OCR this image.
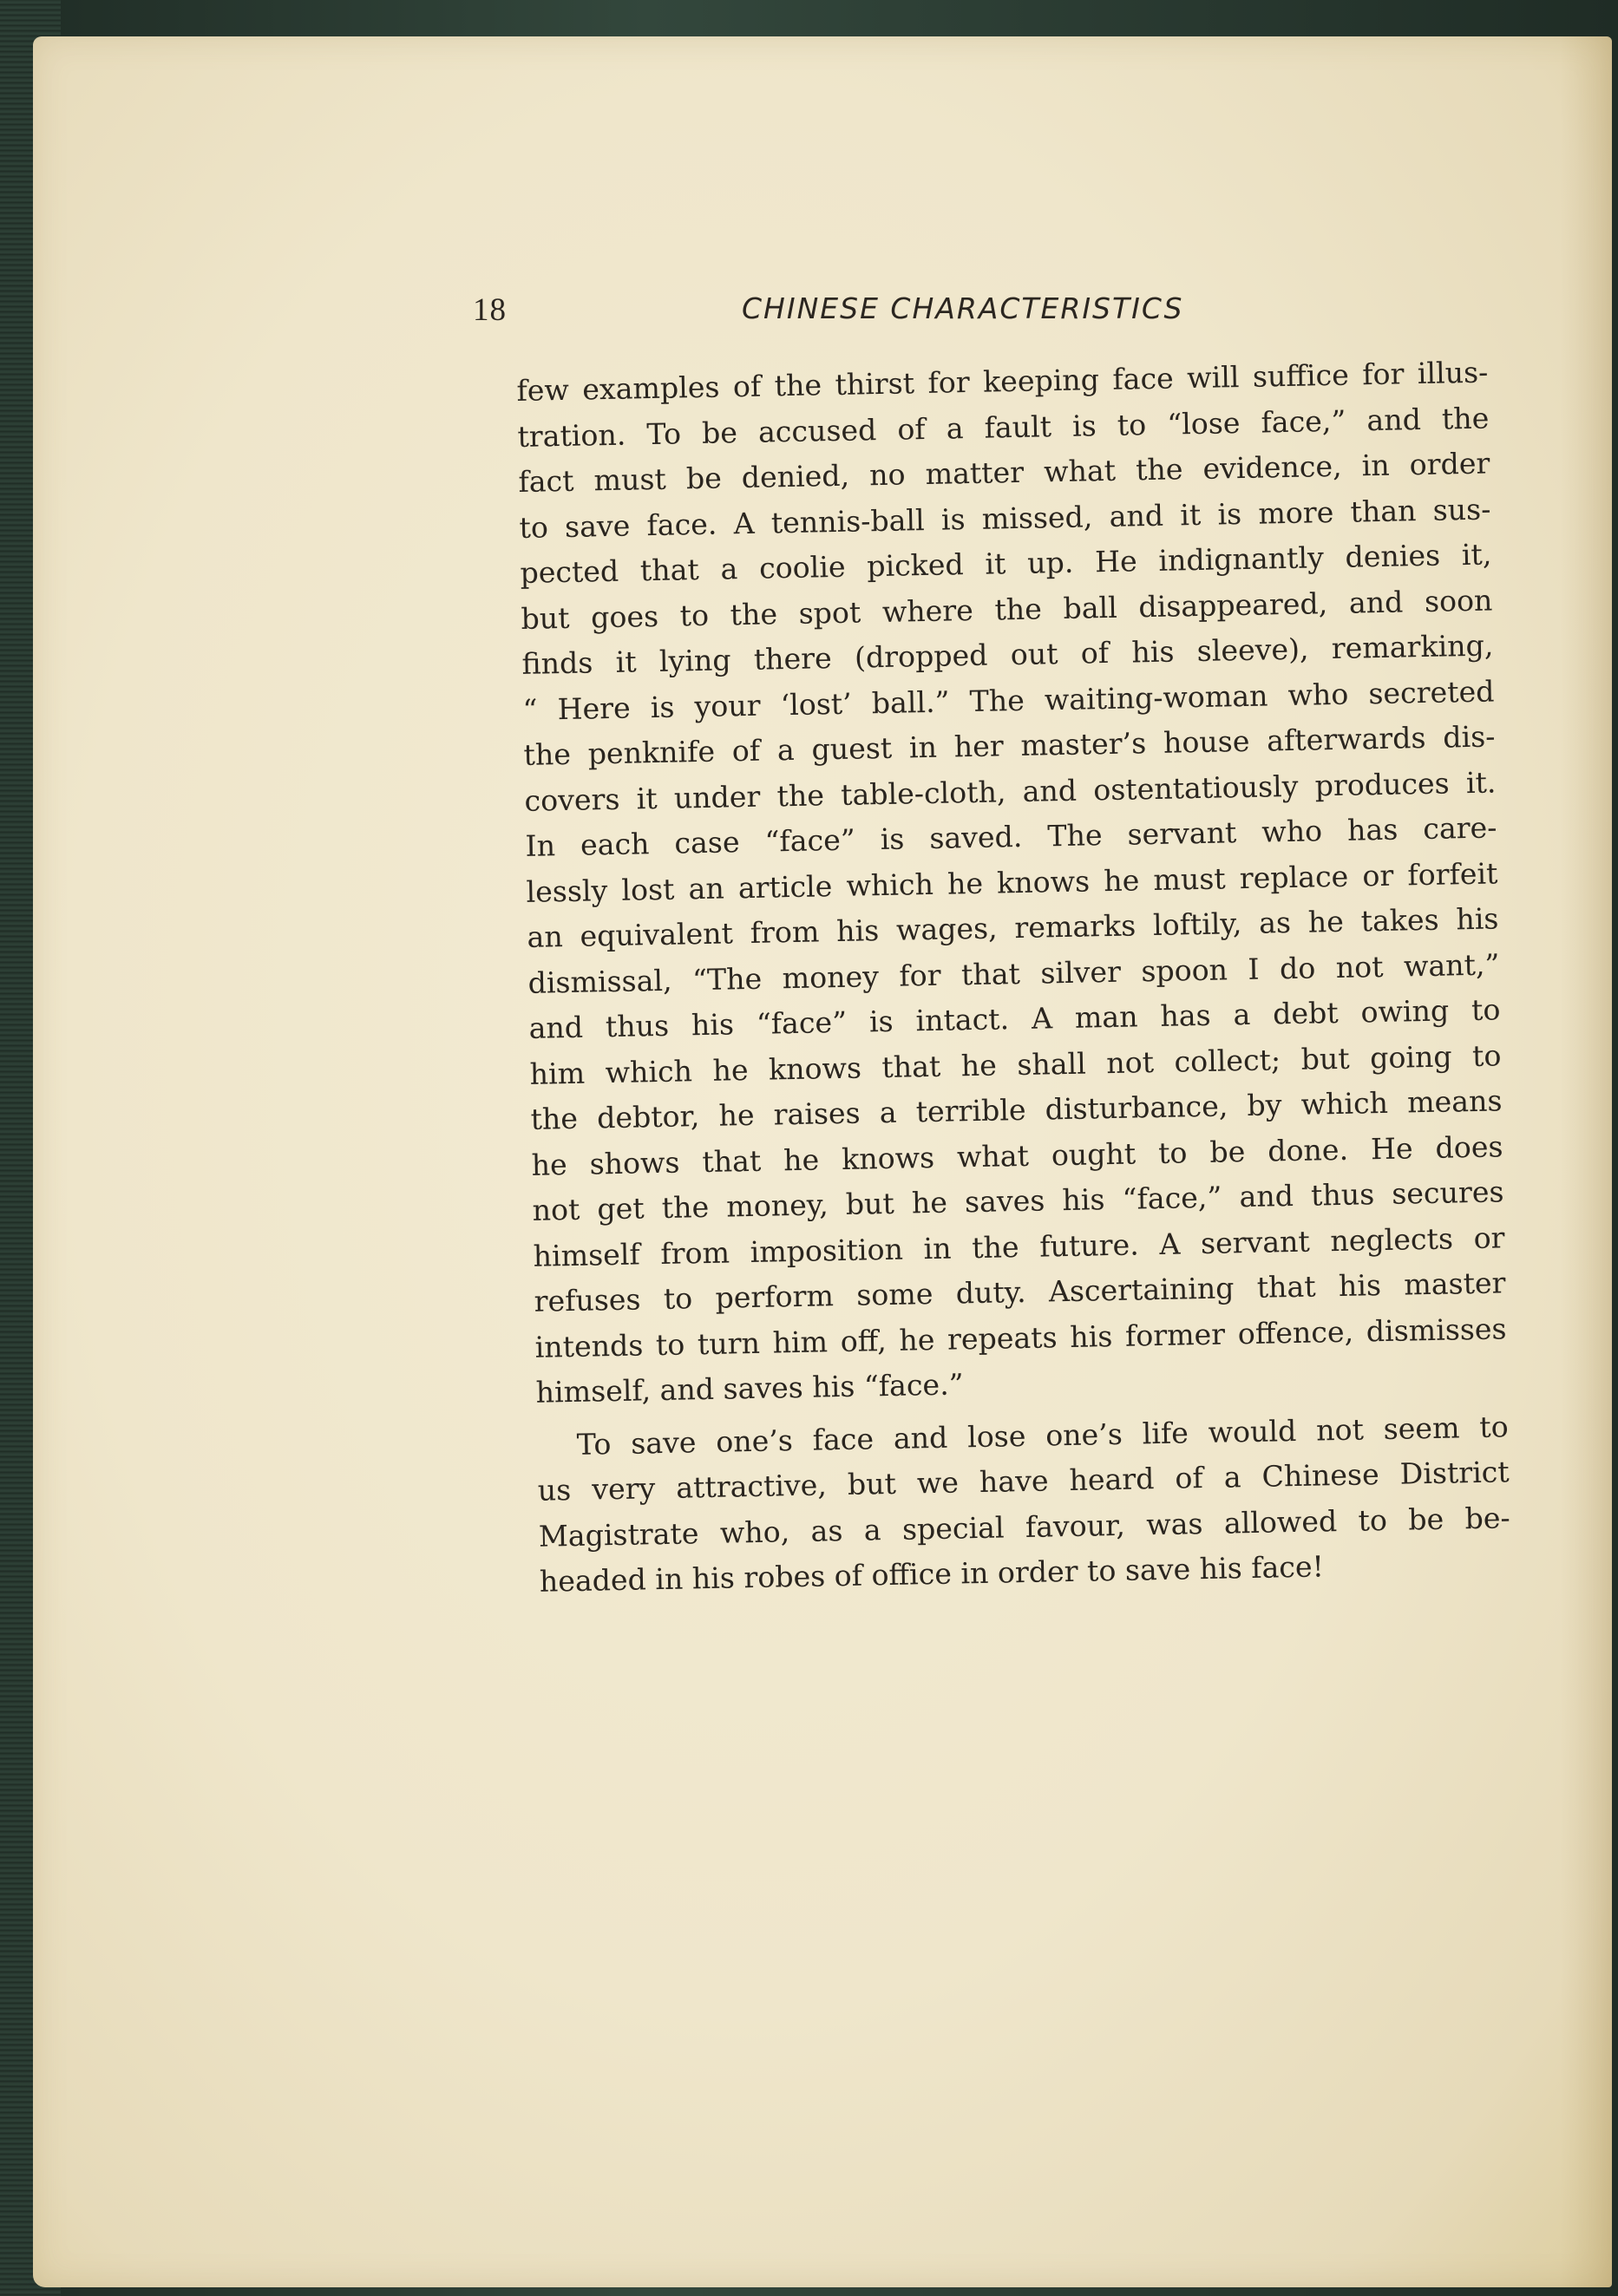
18	CHINESE CHARACTERISTICS
few examples of the thirst for keeping face will suffice for illus-
tration. To be accused of a fault is to “lose face,” and the
fact must be denied, no matter what the evidence, in order
to save face. A tennis-ball is missed, and it is more than sus-
pected that a coolie picked it up. He indignantly denies it,
but goes to the spot where the ball disappeared, and soon
finds it lying there (dropped out of his sleeve), remarking,
“ Here is your ‘lost’ ball.” The waiting-woman who secreted
the penknife of a guest in her master’s house afterwards dis-
covers it under the table-cloth, and ostentatiously produces it.
In each case “face” is saved. The servant who has care-
lessly lost an article which he knows he must replace or forfeit
an equivalent from his wages, remarks loftily, as he takes his
dismissal, “The money for that silver spoon I do not want,”
and thus his “face” is intact. A man has a debt owing to
him which he knows that he shall not collect; but going to
the debtor, he raises a terrible disturbance, by which means
he shows that he knows what ought to be done. He does
not get the money, but he saves his “face,” and thus secures
himself from imposition in the future. A servant neglects or
refuses to perform some duty. Ascertaining that his master
intends to turn him off, he repeats his former offence, dismisses
himself, and saves his “face.”
To save one’s face and lose one’s life would not seem to
us very attractive, but we have heard of a Chinese District
Magistrate who, as a special favour, was allowed to be be-
headed in his robes of office in order to save his face!
